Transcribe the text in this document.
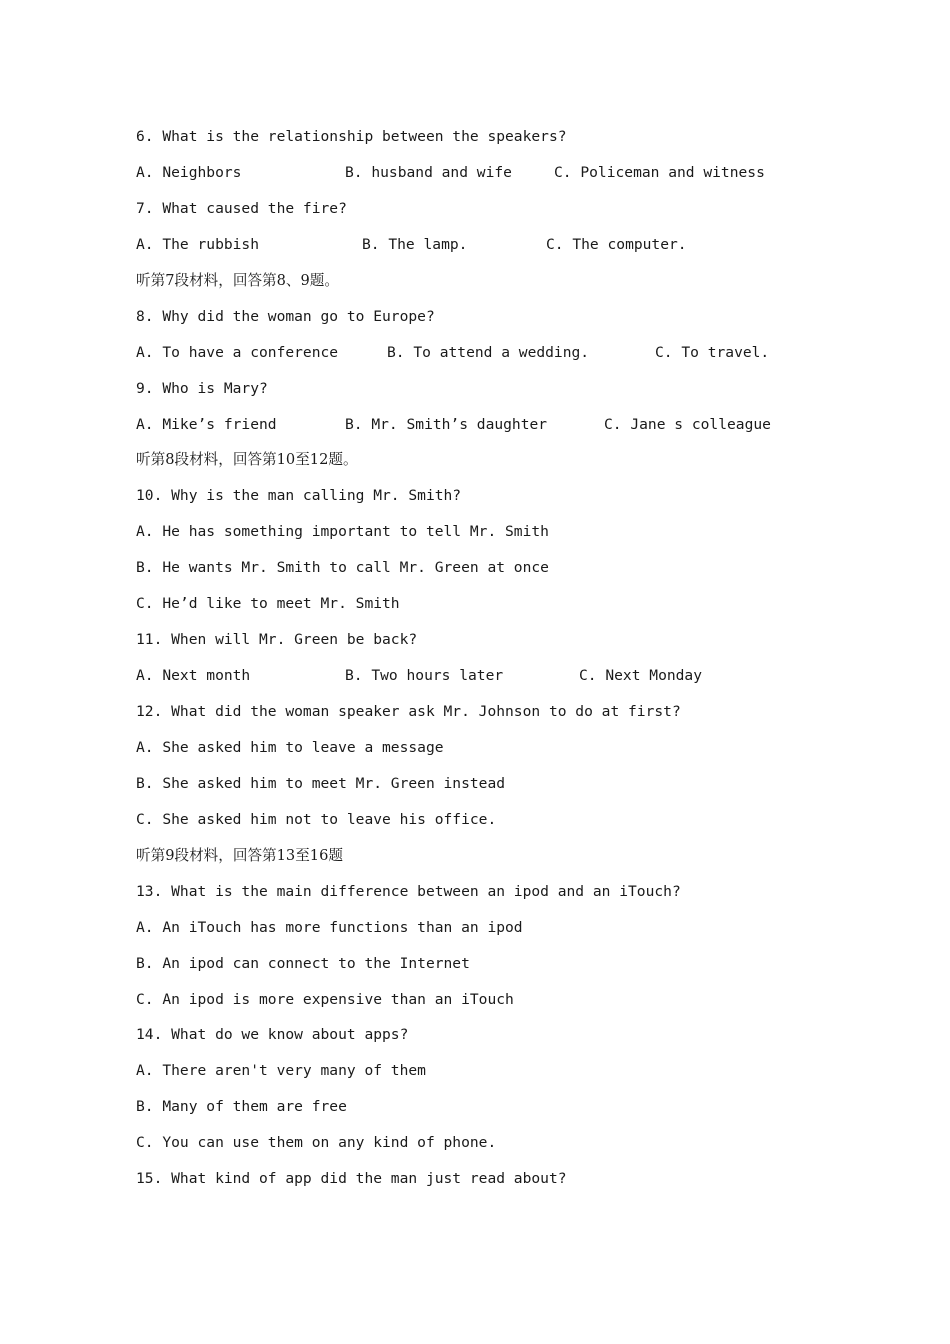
6. What is the relationship between the speakers?

A. Neighbors

	B. husband and wife

	C. Policeman and witness

7. What caused the fire?

A. The rubbish

	B. The lamp.

	C. The computer.

听第7段材料，回答第8、9题。
8. Why did the woman go to Europe?

A. To have a conference

	B. To attend a wedding.

	C. To travel.

9. Who is Mary?

A. Mike’s friend

	B. Mr. Smith’s daughter

	C. Jane s colleague

听第8段材料，回答第10至12题。
10. Why is the man calling Mr. Smith?
A. He has something important to tell Mr. Smith
B. He wants Mr. Smith to call Mr. Green at once
C. He’d like to meet Mr. Smith
11. When will Mr. Green be back?

A. Next month

	B. Two hours later

	C. Next Monday

12. What did the woman speaker ask Mr. Johnson to do at first?
A. She asked him to leave a message
B. She asked him to meet Mr. Green instead
C. She asked him not to leave his office.
听第9段材料，回答第13至16题
13. What is the main difference between an ipod and an iTouch?
A. An iTouch has more functions than an ipod
B. An ipod can connect to the Internet
C. An ipod is more expensive than an iTouch
14. What do we know about apps?
A. There aren't very many of them
B. Many of them are free
C. You can use them on any kind of phone.
15. What kind of app did the man just read about?
